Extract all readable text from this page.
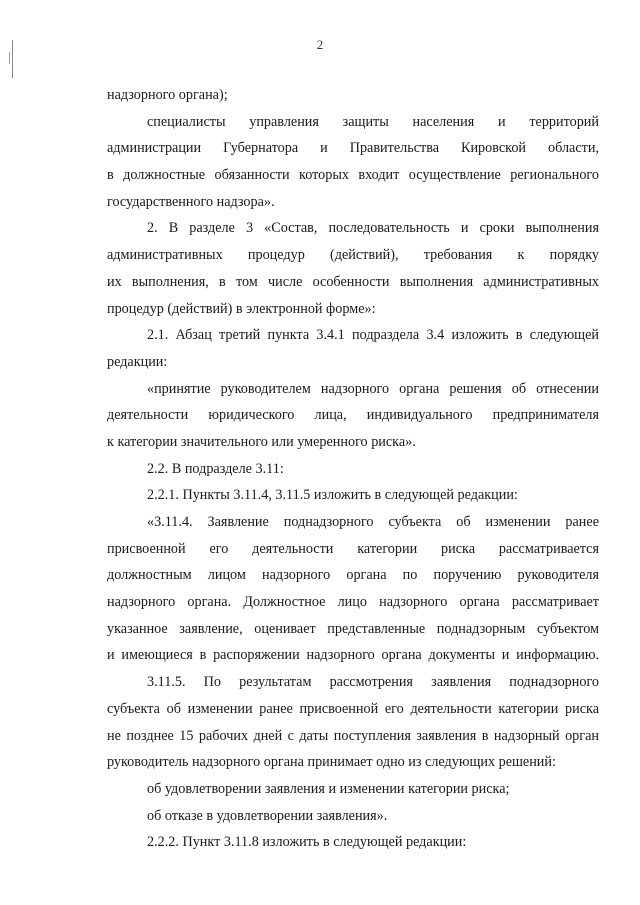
2
надзорного органа);
специалисты управления защиты населения и территорий
администрации Губернатора и Правительства Кировской области,
в должностные обязанности которых входит осуществление регионального
государственного надзора».
2. В разделе 3 «Состав, последовательность и сроки выполнения
административных процедур (действий), требования к порядку
их выполнения, в том числе особенности выполнения административных
процедур (действий) в электронной форме»:
2.1. Абзац третий пункта 3.4.1 подраздела 3.4 изложить в следующей
редакции:
«принятие руководителем надзорного органа решения об отнесении
деятельности юридического лица, индивидуального предпринимателя
к категории значительного или умеренного риска».
2.2. В подразделе 3.11:
2.2.1. Пункты 3.11.4, 3.11.5 изложить в следующей редакции:
«3.11.4. Заявление поднадзорного субъекта об изменении ранее
присвоенной его деятельности категории риска рассматривается
должностным лицом надзорного органа по поручению руководителя
надзорного органа. Должностное лицо надзорного органа рассматривает
указанное заявление, оценивает представленные поднадзорным субъектом
и имеющиеся в распоряжении надзорного органа документы и информацию.
3.11.5. По результатам рассмотрения заявления поднадзорного
субъекта об изменении ранее присвоенной его деятельности категории риска
не позднее 15 рабочих дней с даты поступления заявления в надзорный орган
руководитель надзорного органа принимает одно из следующих решений:
об удовлетворении заявления и изменении категории риска;
об отказе в удовлетворении заявления».
2.2.2. Пункт 3.11.8 изложить в следующей редакции:
